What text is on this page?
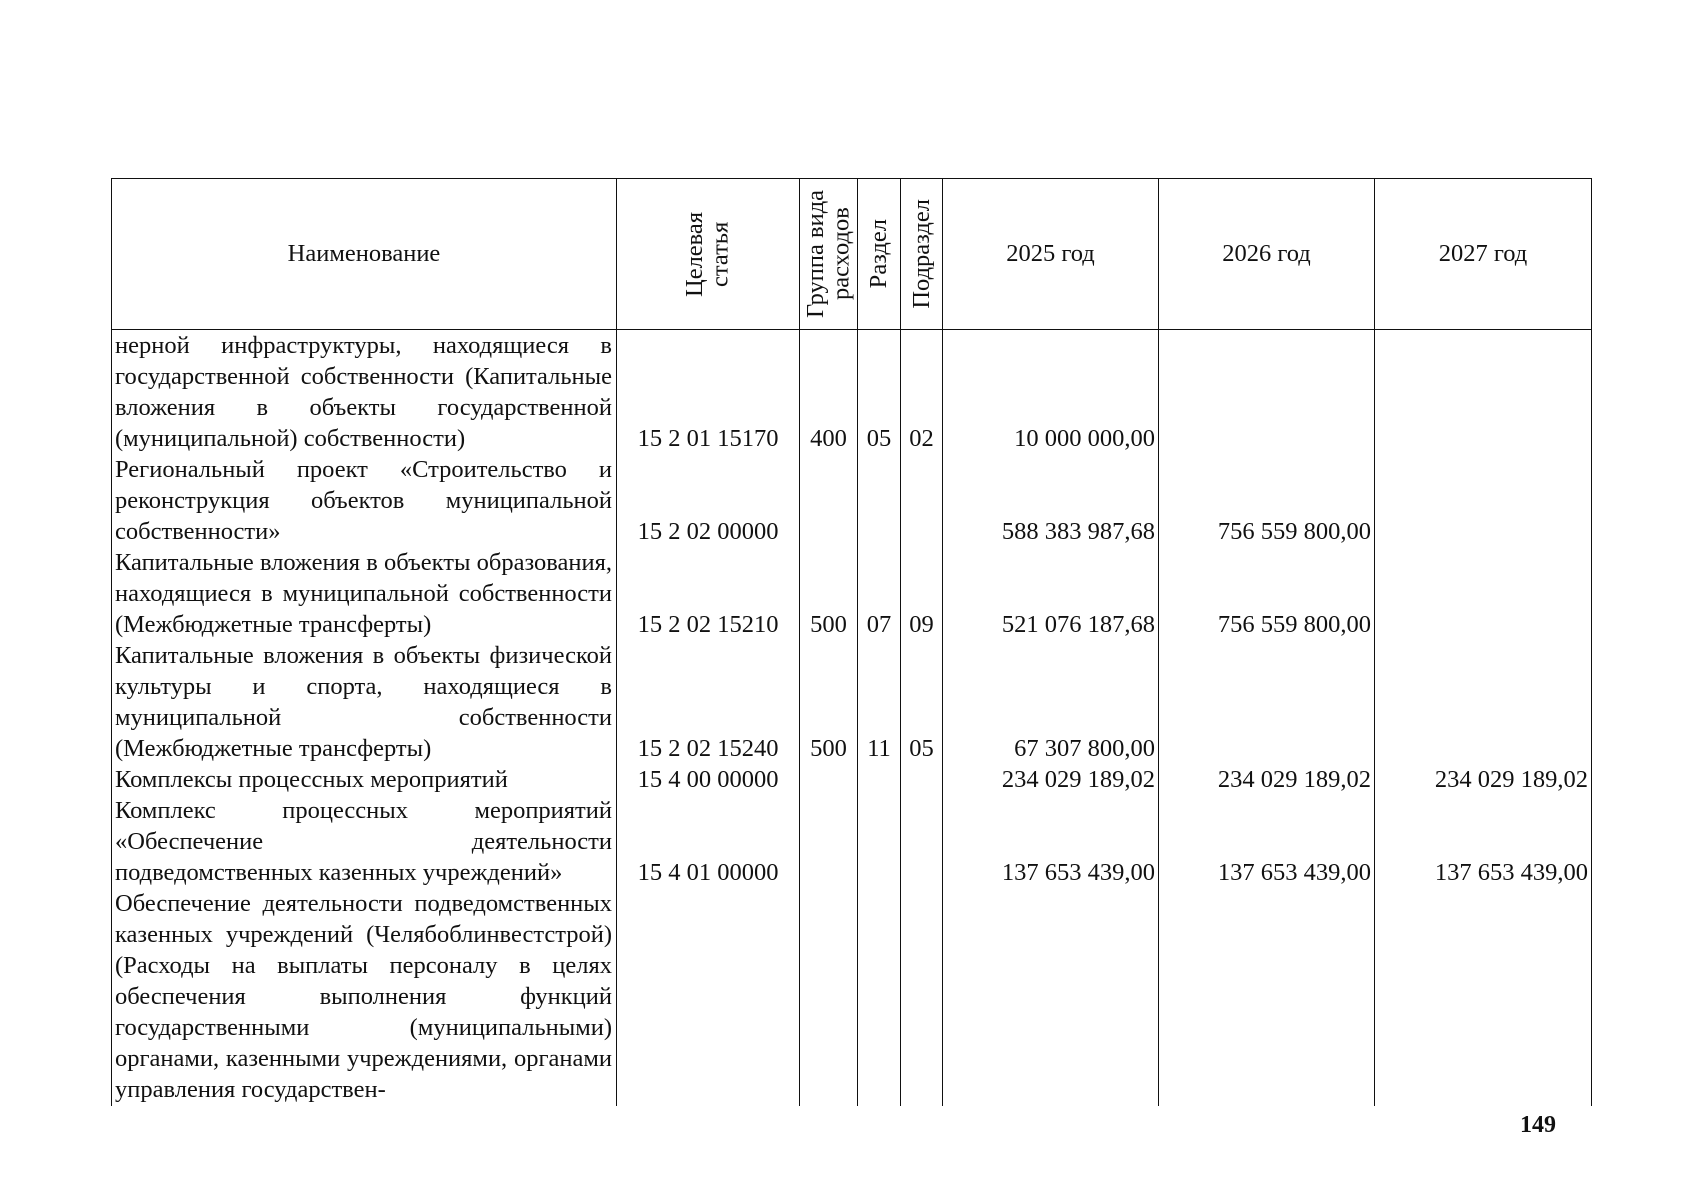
Наименование	Целевая статья	Группа вида расходов	Раздел	Подраздел	2025 год	2026 год	2027 год
нерной инфраструктуры, находящиеся в государственной собственности (Капитальные вложения в объекты государственной (муниципальной) собственности)	15 2 01 15170	400	05	02	10 000 000,00		
Региональный проект «Строительство и реконструкция объектов муниципальной собственности»	15 2 02 00000				588 383 987,68	756 559 800,00	
Капитальные вложения в объекты образования, находящиеся в муниципальной собственности (Межбюджетные трансферты)	15 2 02 15210	500	07	09	521 076 187,68	756 559 800,00	
Капитальные вложения в объекты физической культуры и спорта, находящиеся в муниципальной собственности (Межбюджетные трансферты)	15 2 02 15240	500	11	05	67 307 800,00		
Комплексы процессных мероприятий	15 4 00 00000				234 029 189,02	234 029 189,02	234 029 189,02
Комплекс процессных мероприятий «Обеспечение деятельности подведомственных казенных учреждений»	15 4 01 00000				137 653 439,00	137 653 439,00	137 653 439,00
Обеспечение деятельности подведомственных казенных учреждений (Челябоблинвестстрой) (Расходы на выплаты персоналу в целях обеспечения выполнения функций государственными (муниципальными) органами, казенными учреждениями, органами управления государствен-							
149
